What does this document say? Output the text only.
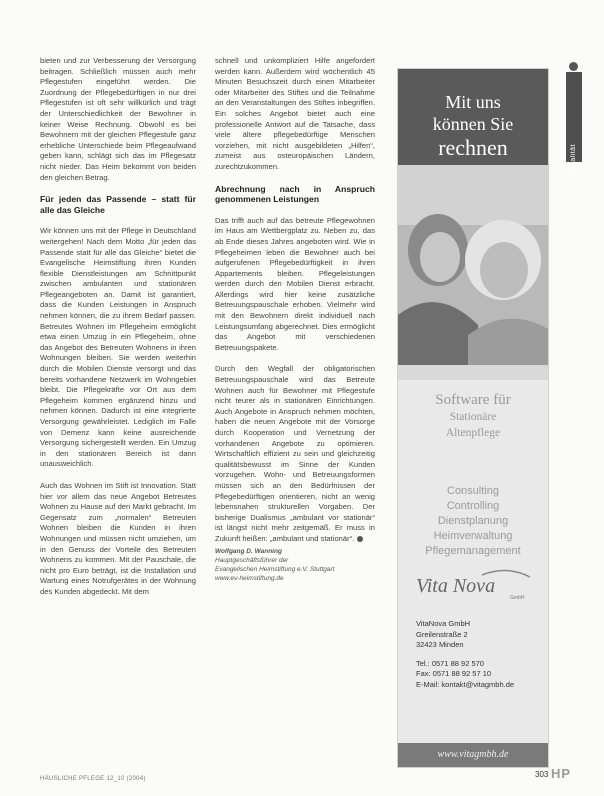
bieten und zur Verbesserung der Versorgung beitragen. Schließlich müssen auch mehr Pflegestufen eingeführt werden. Die Zuordnung der Pflegebedürftigen in nur drei Pflegestufen ist oft sehr willkürlich und trägt der Unterschiedlichkeit der Bewohner in keiner Weise Rechnung. Obwohl es bei Bewohnern mit der gleichen Pflegestufe ganz erhebliche Unterschiede beim Pflegeaufwand geben kann, schlägt sich das im Pflegesatz nicht nieder. Das Heim bekommt von beiden den gleichen Betrag.

Für jeden das Passende – statt für alle das Gleiche

Wir können uns mit der Pflege in Deutschland weitergehen! Nach dem Motto „für jeden das Passende statt für alle das Gleiche“ bietet die Evangelische Heimstiftung ihren Kunden flexible Dienstleistungen am Schnittpunkt zwischen ambulanten und stationären Pflegeangeboten an. Damit ist garantiert, dass die Kunden Leistungen in Anspruch nehmen können, die zu ihrem Bedarf passen. Betreutes Wohnen im Pflegeheim ermöglicht etwa einen Umzug in ein Pflegeheim, ohne das Angebot des Betreuten Wohnens in ihren Wohnungen bleiben. Sie werden weiterhin durch die Mobilen Dienste versorgt und das bereits vorhandene Netzwerk im Wohngebiet bleibt. Die Pflegekräfte vor Ort aus dem Pflegeheim kommen ergänzend hinzu und nehmen können. Dadurch ist eine integrierte Versorgung gewährleistet. Lediglich im Falle von Demenz kann keine ausreichende Versorgung sichergestellt werden. Ein Umzug in den stationären Bereich ist dann unausweichlich.

Auch das Wohnen im Stift ist Innovation. Statt hier vor allem das neue Angebot Betreutes Wohnen zu Hause auf den Markt gebracht. Im Gegensatz zum „normalen“ Betreuten Wohnen bleiben die Kunden in ihren Wohnungen und müssen nicht umziehen, um in den Genuss der Vorteile des Betreuten Wohnens zu kommen. Mit der Pauschale, die nicht pro Euro beträgt, ist die Installation und Wartung eines Notrufgerätes in der Wohnung des Kunden abgedeckt. Mit dem

schnell und unkompliziert Hilfe angefordert werden kann. Außerdem wird wöchentlich 45 Minuten Besuchszeit durch einen Mitarbeiter oder Mitarbeiter des Stiftes und die Teilnahme an den Veranstaltungen des Stiftes inbegriffen. Ein solches Angebot bietet auch eine professionelle Antwort auf die Tatsache, dass viele ältere pflegebedürftige Menschen vorziehen, mit nicht ausgebildeten „Hilfen“, zumeist aus osteuropäischen Ländern, zurechtzukommen.

Abrechnung nach in Anspruch genommenen Leistungen

Das trifft auch auf das betreute Pflegewohnen im Haus am Wettbergplatz zu. Neben zu, das ab Ende dieses Jahres angeboten wird. Wie in Pflegeheimen leben die Bewohner auch bei aufgerufenen Pflegebedürftigkeit in ihren Appartements bleiben. Pflegeleistungen werden durch den Mobilen Dienst erbracht. Allerdings wird hier keine zusätzliche Betreuungspauschale erhoben. Vielmehr wird mit den Bewohnern direkt individuell nach Leistungsumfang abgerechnet. Dies ermöglicht das Angebot mit verschiedenen Betreuungspakete.

Durch den Wegfall der obligatorischen Betreuungspauschale wird das Betreute Wohnen auch für Bewohner mit Pflegestufe nicht teurer als in stationären Einrichtungen. Auch Angebote in Anspruch nehmen möchten, haben die neuen Angebote mit der Vorsorge durch Kooperation und Vernetzung der vorhandenen Angebote zu optimieren. Wirtschaftlich effizient zu sein und gleichzeitig qualitätsbewusst im Sinne der Kunden vorzugehen. Wohn- und Betreuungsformen müssen sich an den Bedürfnissen der Pflegebedürftigen orientieren, nicht an wenig lebensnahen strukturellen Vorgaben. Der bisherige Dualismus „ambulant vor stationär“ ist längst nicht mehr zeitgemäß. Er muss in Zukunft heißen: „ambulant und stationär“.

Wolfgang D. Wanning
Hauptgeschäftsführer der
Evangelischen Heimstiftung e.V. Stuttgart
www.ev-heimstiftung.de
Mit uns
können Sie
rechnen
Software für
Stationäre
Altenpflege
Consulting
Controlling
Dienstplanung
Heimverwaltung
Pflegemanagement
Vita Nova
GmbH
VitaNova GmbH
Greilenstraße 2
32423 Minden
Tel.: 0571 88 92 570
Fax: 0571 88 92 57 10
E-Mail: kontakt@vitagmbh.de
www.vitagmbh.de
Qualität
HÄUSLICHE PFLEGE 12_10 (2004)	303 HP
